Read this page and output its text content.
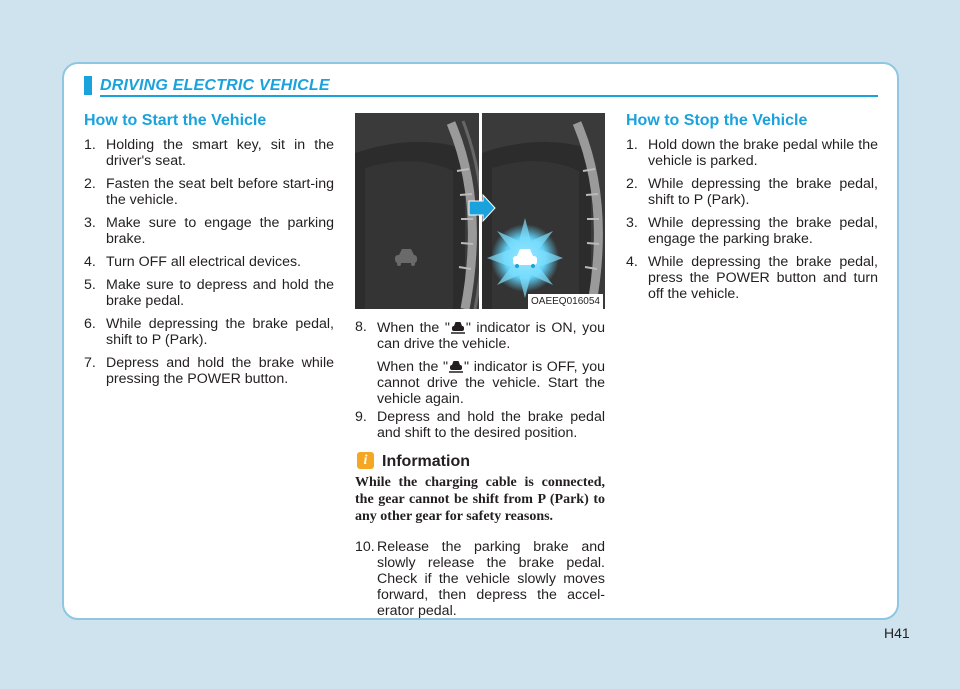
DRIVING ELECTRIC VEHICLE
How to Start the Vehicle
1. Holding the smart key, sit in the driver's seat.
2. Fasten the seat belt before start-ing the vehicle.
3. Make sure to engage the parking brake.
4. Turn OFF all electrical devices.
5. Make sure to depress and hold the brake pedal.
6. While depressing the brake pedal, shift to P (Park).
7. Depress and hold the brake while pressing the POWER button.
OAEEQ016054
8. When the " " indicator is ON, you can drive the vehicle.
When the " " indicator is OFF, you cannot drive the vehicle. Start the vehicle again.
9. Depress and hold the brake pedal and shift to the desired position.
i Information
While the charging cable is connected, the gear cannot be shift from P (Park) to any other gear for safety reasons.
10. Release the parking brake and slowly release the brake pedal. Check if the vehicle slowly moves forward, then depress the accel-erator pedal.
How to Stop the Vehicle
1. Hold down the brake pedal while the vehicle is parked.
2. While depressing the brake pedal, shift to P (Park).
3. While depressing the brake pedal, engage the parking brake.
4. While depressing the brake pedal, press the POWER button and turn off the vehicle.
H41
